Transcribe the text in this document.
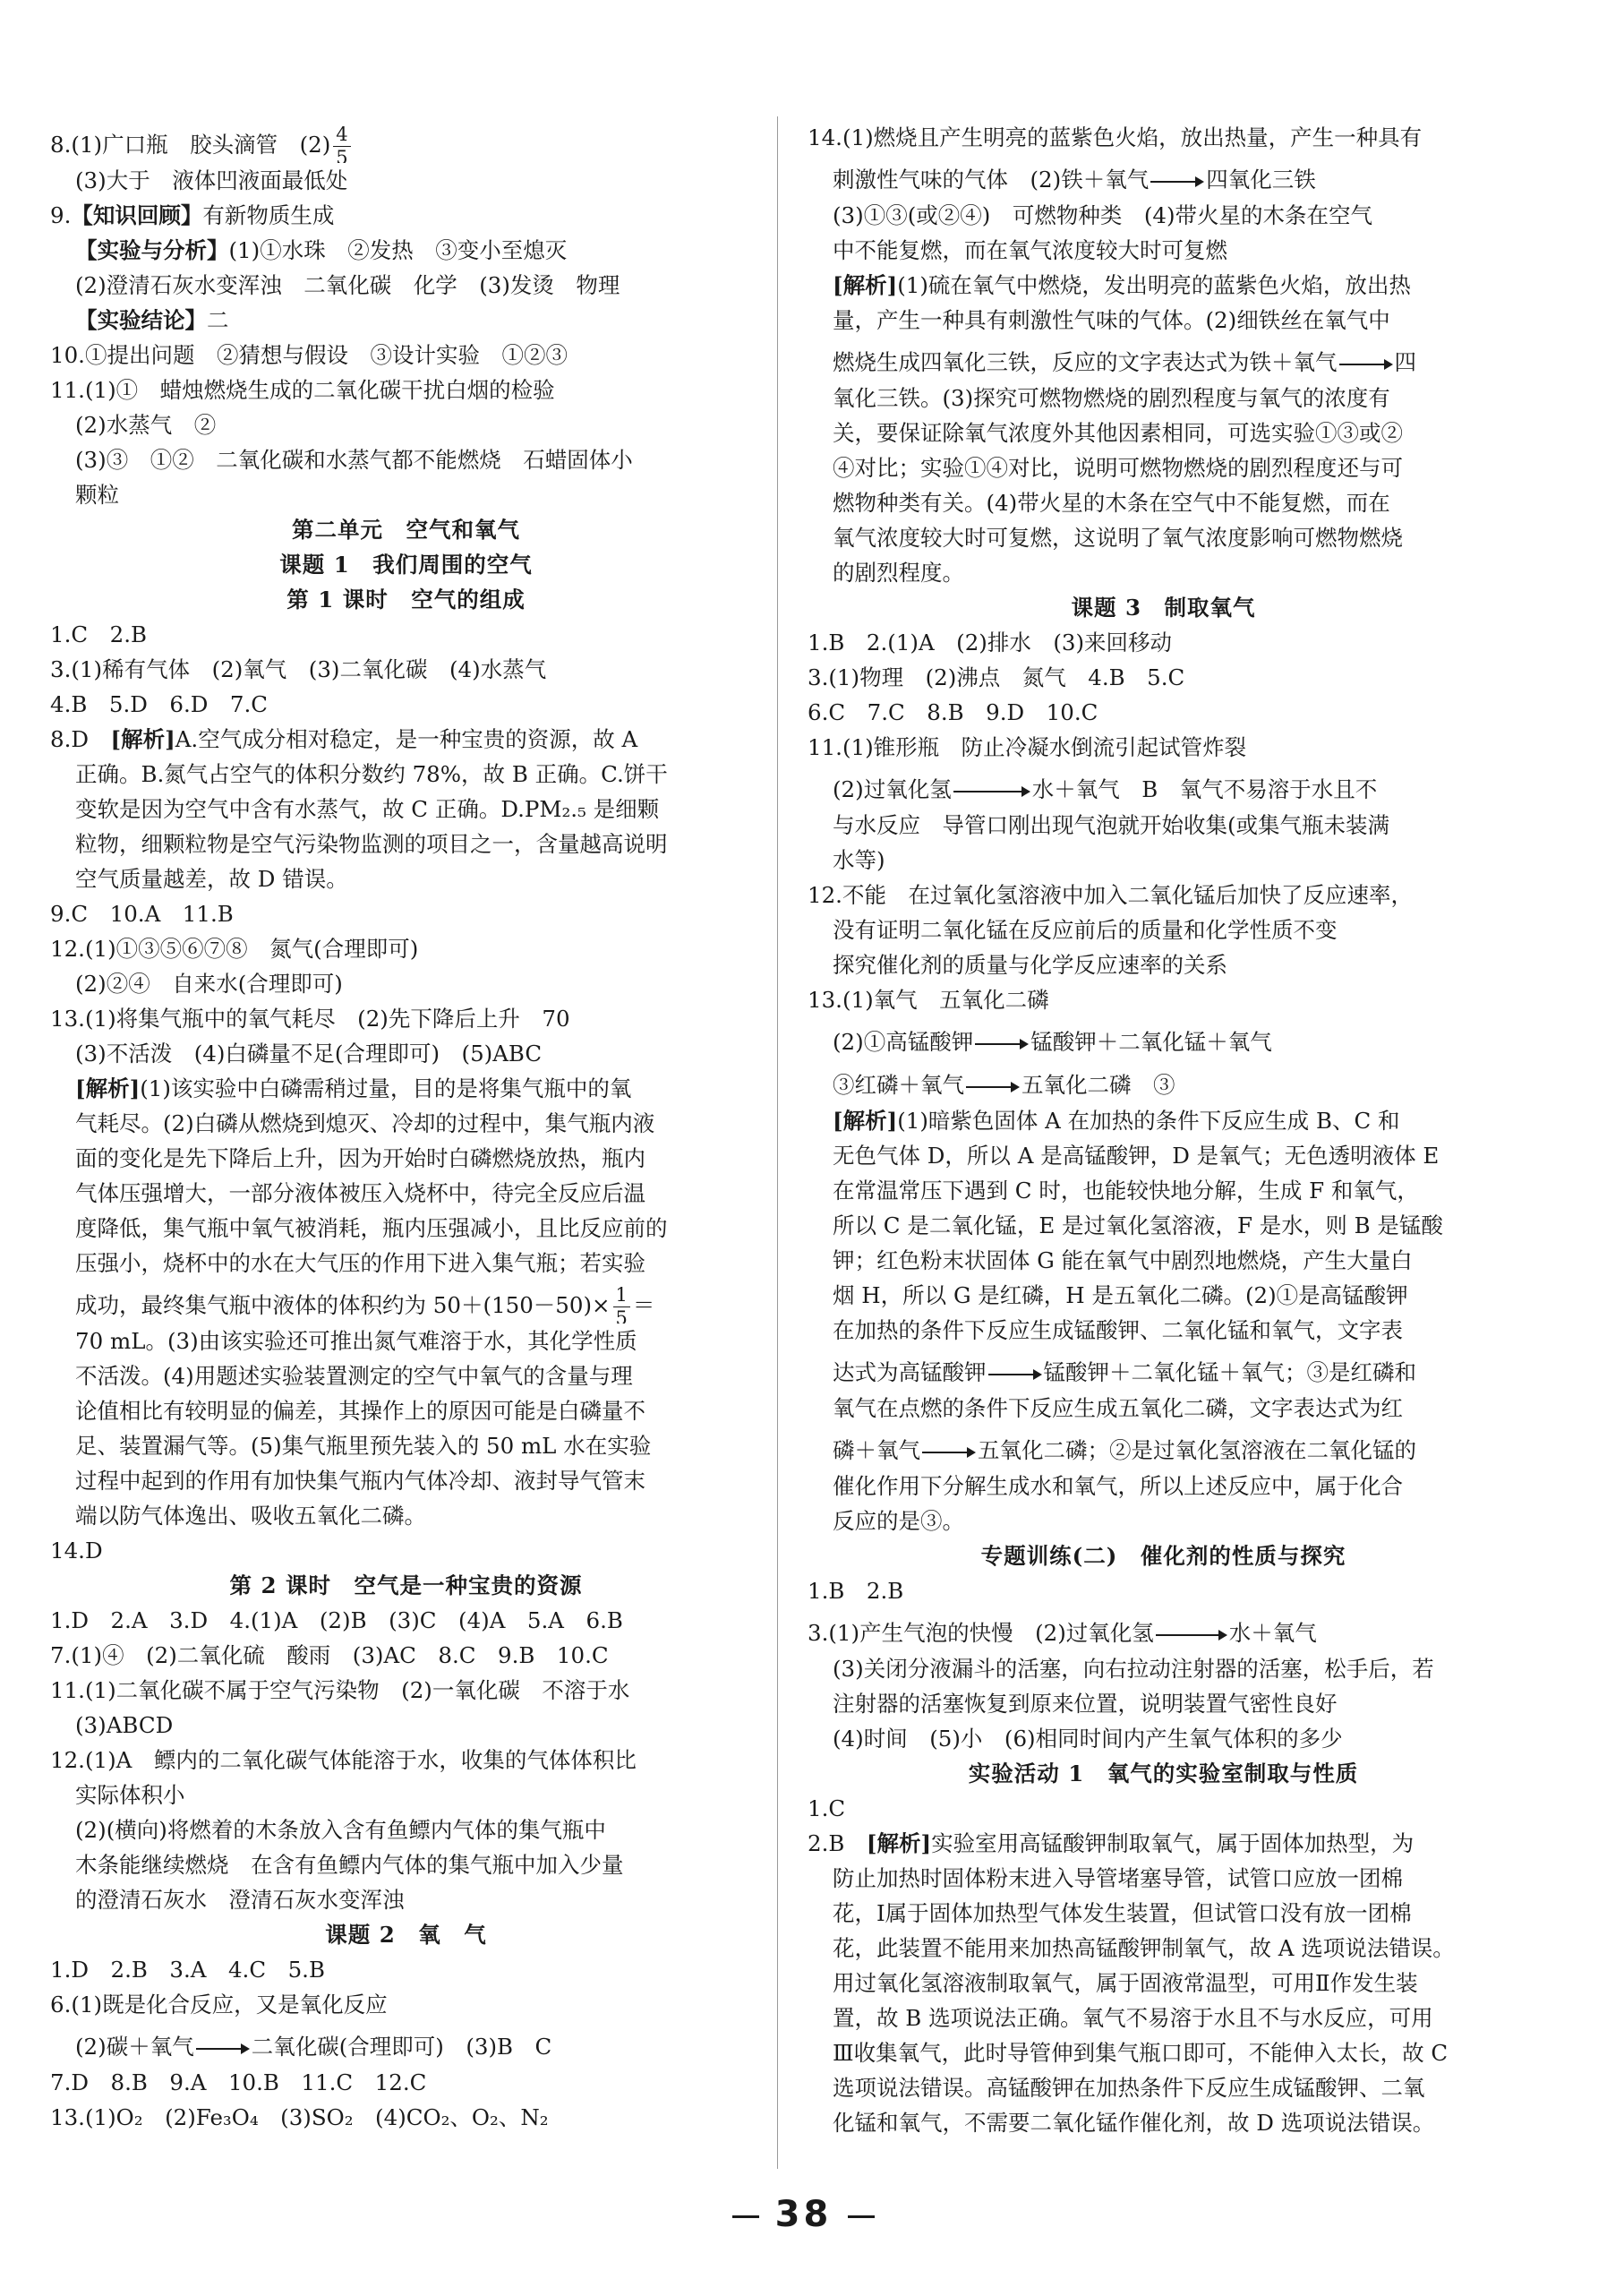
8.(1)广口瓶　胶头滴管　$(2) \frac{4}{5}$
(3)大于　液体凹液面最低处
9.【知识回顾】有新物质生成
【实验与分析】(1)①水珠　②发热　③变小至熄灭
(2)澄清石灰水变浑浊　二氧化碳　化学　(3)发烫　物理
【实验结论】二
10.①提出问题　②猜想与假设　③设计实验　①②③
11.(1)①　蜡烛燃烧生成的二氧化碳干扰白烟的检验
(2)水蒸气　②
(3)③　①②　二氧化碳和水蒸气都不能燃烧　石蜡固体小
颗粒
第二单元　空气和氧气
课题 1　我们周围的空气
第 1 课时　空气的组成
1.C　2.B
3.(1)稀有气体　(2)氧气　(3)二氧化碳　(4)水蒸气
4.B　5.D　6.D　7.C
8.D　[解析]A.空气成分相对稳定，是一种宝贵的资源，故 A
正确。B.氮气占空气的体积分数约 78%，故 B 正确。C.饼干
变软是因为空气中含有水蒸气，故 C 正确。D.PM₂.₅ 是细颗
粒物，细颗粒物是空气污染物监测的项目之一，含量越高说明
空气质量越差，故 D 错误。
9.C　10.A　11.B
12.(1)①③⑤⑥⑦⑧　氮气(合理即可)
(2)②④　自来水(合理即可)
13.(1)将集气瓶中的氧气耗尽　(2)先下降后上升　70
(3)不活泼　(4)白磷量不足(合理即可)　(5)ABC
[解析](1)该实验中白磷需稍过量，目的是将集气瓶中的氧
气耗尽。(2)白磷从燃烧到熄灭、冷却的过程中，集气瓶内液
面的变化是先下降后上升，因为开始时白磷燃烧放热，瓶内
气体压强增大，一部分液体被压入烧杯中，待完全反应后温
度降低，集气瓶中氧气被消耗，瓶内压强减小，且比反应前的
压强小，烧杯中的水在大气压的作用下进入集气瓶；若实验
成功，最终集气瓶中液体的体积约为 $50+(150-50)\times \frac{1}{5}$ ＝
70 mL。(3)由该实验还可推出氮气难溶于水，其化学性质
不活泼。(4)用题述实验装置测定的空气中氧气的含量与理
论值相比有较明显的偏差，其操作上的原因可能是白磷量不
足、装置漏气等。(5)集气瓶里预先装入的 50 mL 水在实验
过程中起到的作用有加快集气瓶内气体冷却、液封导气管末
端以防气体逸出、吸收五氧化二磷。
14.D
第 2 课时　空气是一种宝贵的资源
1.D　2.A　3.D　4.(1)A　(2)B　(3)C　(4)A　5.A　6.B
7.(1)④　(2)二氧化硫　酸雨　(3)AC　8.C　9.B　10.C
11.(1)二氧化碳不属于空气污染物　(2)一氧化碳　不溶于水
(3)ABCD
12.(1)A　鳔内的二氧化碳气体能溶于水，收集的气体体积比
实际体积小
(2)(横向)将燃着的木条放入含有鱼鳔内气体的集气瓶中
木条能继续燃烧　在含有鱼鳔内气体的集气瓶中加入少量
的澄清石灰水　澄清石灰水变浑浊
课题 2　氧　气
1.D　2.B　3.A　4.C　5.B
6.(1)既是化合反应，又是氧化反应
(2)碳＋氧气	二氧化碳(合理即可)　(3)B　C
7.D　8.B　9.A　10.B　11.C　12.C
13.(1)O₂　(2)Fe₃O₄　(3)SO₂　(4)CO₂、O₂、N₂
14.(1)燃烧且产生明亮的蓝紫色火焰，放出热量，产生一种具有
刺激性气味的气体　(2)铁＋氧气	四氧化三铁
(3)①③(或②④)　可燃物种类　(4)带火星的木条在空气
中不能复燃，而在氧气浓度较大时可复燃
[解析](1)硫在氧气中燃烧，发出明亮的蓝紫色火焰，放出热
量，产生一种具有刺激性气味的气体。(2)细铁丝在氧气中
燃烧生成四氧化三铁，反应的文字表达式为铁＋氧气	四
氧化三铁。(3)探究可燃物燃烧的剧烈程度与氧气的浓度有
关，要保证除氧气浓度外其他因素相同，可选实验①③或②
④对比；实验①④对比，说明可燃物燃烧的剧烈程度还与可
燃物种类有关。(4)带火星的木条在空气中不能复燃，而在
氧气浓度较大时可复燃，这说明了氧气浓度影响可燃物燃烧
的剧烈程度。
课题 3　制取氧气
1.B　2.(1)A　(2)排水　(3)来回移动
3.(1)物理　(2)沸点　氮气　4.B　5.C
6.C　7.C　8.B　9.D　10.C
11.(1)锥形瓶　防止冷凝水倒流引起试管炸裂
(2)过氧化氢	水＋氧气　B　氧气不易溶于水且不
与水反应　导管口刚出现气泡就开始收集(或集气瓶未装满
水等)
12.不能　在过氧化氢溶液中加入二氧化锰后加快了反应速率，
没有证明二氧化锰在反应前后的质量和化学性质不变
探究催化剂的质量与化学反应速率的关系
13.(1)氧气　五氧化二磷
(2)①高锰酸钾	锰酸钾＋二氧化锰＋氧气
③红磷＋氧气	五氧化二磷　③
[解析](1)暗紫色固体 A 在加热的条件下反应生成 B、C 和
无色气体 D，所以 A 是高锰酸钾，D 是氧气；无色透明液体 E
在常温常压下遇到 C 时，也能较快地分解，生成 F 和氧气，
所以 C 是二氧化锰，E 是过氧化氢溶液，F 是水，则 B 是锰酸
钾；红色粉末状固体 G 能在氧气中剧烈地燃烧，产生大量白
烟 H，所以 G 是红磷，H 是五氧化二磷。(2)①是高锰酸钾
在加热的条件下反应生成锰酸钾、二氧化锰和氧气，文字表
达式为高锰酸钾	锰酸钾＋二氧化锰＋氧气；③是红磷和
氧气在点燃的条件下反应生成五氧化二磷，文字表达式为红
磷＋氧气	五氧化二磷；②是过氧化氢溶液在二氧化锰的
催化作用下分解生成水和氧气，所以上述反应中，属于化合
反应的是③。
专题训练(二)　催化剂的性质与探究
1.B　2.B
3.(1)产生气泡的快慢　(2)过氧化氢	水＋氧气
(3)关闭分液漏斗的活塞，向右拉动注射器的活塞，松手后，若
注射器的活塞恢复到原来位置，说明装置气密性良好
(4)时间　(5)小　(6)相同时间内产生氧气体积的多少
实验活动 1　氧气的实验室制取与性质
1.C
2.B　[解析]实验室用高锰酸钾制取氧气，属于固体加热型，为
防止加热时固体粉末进入导管堵塞导管，试管口应放一团棉
花，Ⅰ属于固体加热型气体发生装置，但试管口没有放一团棉
花，此装置不能用来加热高锰酸钾制氧气，故 A 选项说法错误。
用过氧化氢溶液制取氧气，属于固液常温型，可用Ⅱ作发生装
置，故 B 选项说法正确。氧气不易溶于水且不与水反应，可用
Ⅲ收集氧气，此时导管伸到集气瓶口即可，不能伸入太长，故 C
选项说法错误。高锰酸钾在加热条件下反应生成锰酸钾、二氧
化锰和氧气，不需要二氧化锰作催化剂，故 D 选项说法错误。
38
